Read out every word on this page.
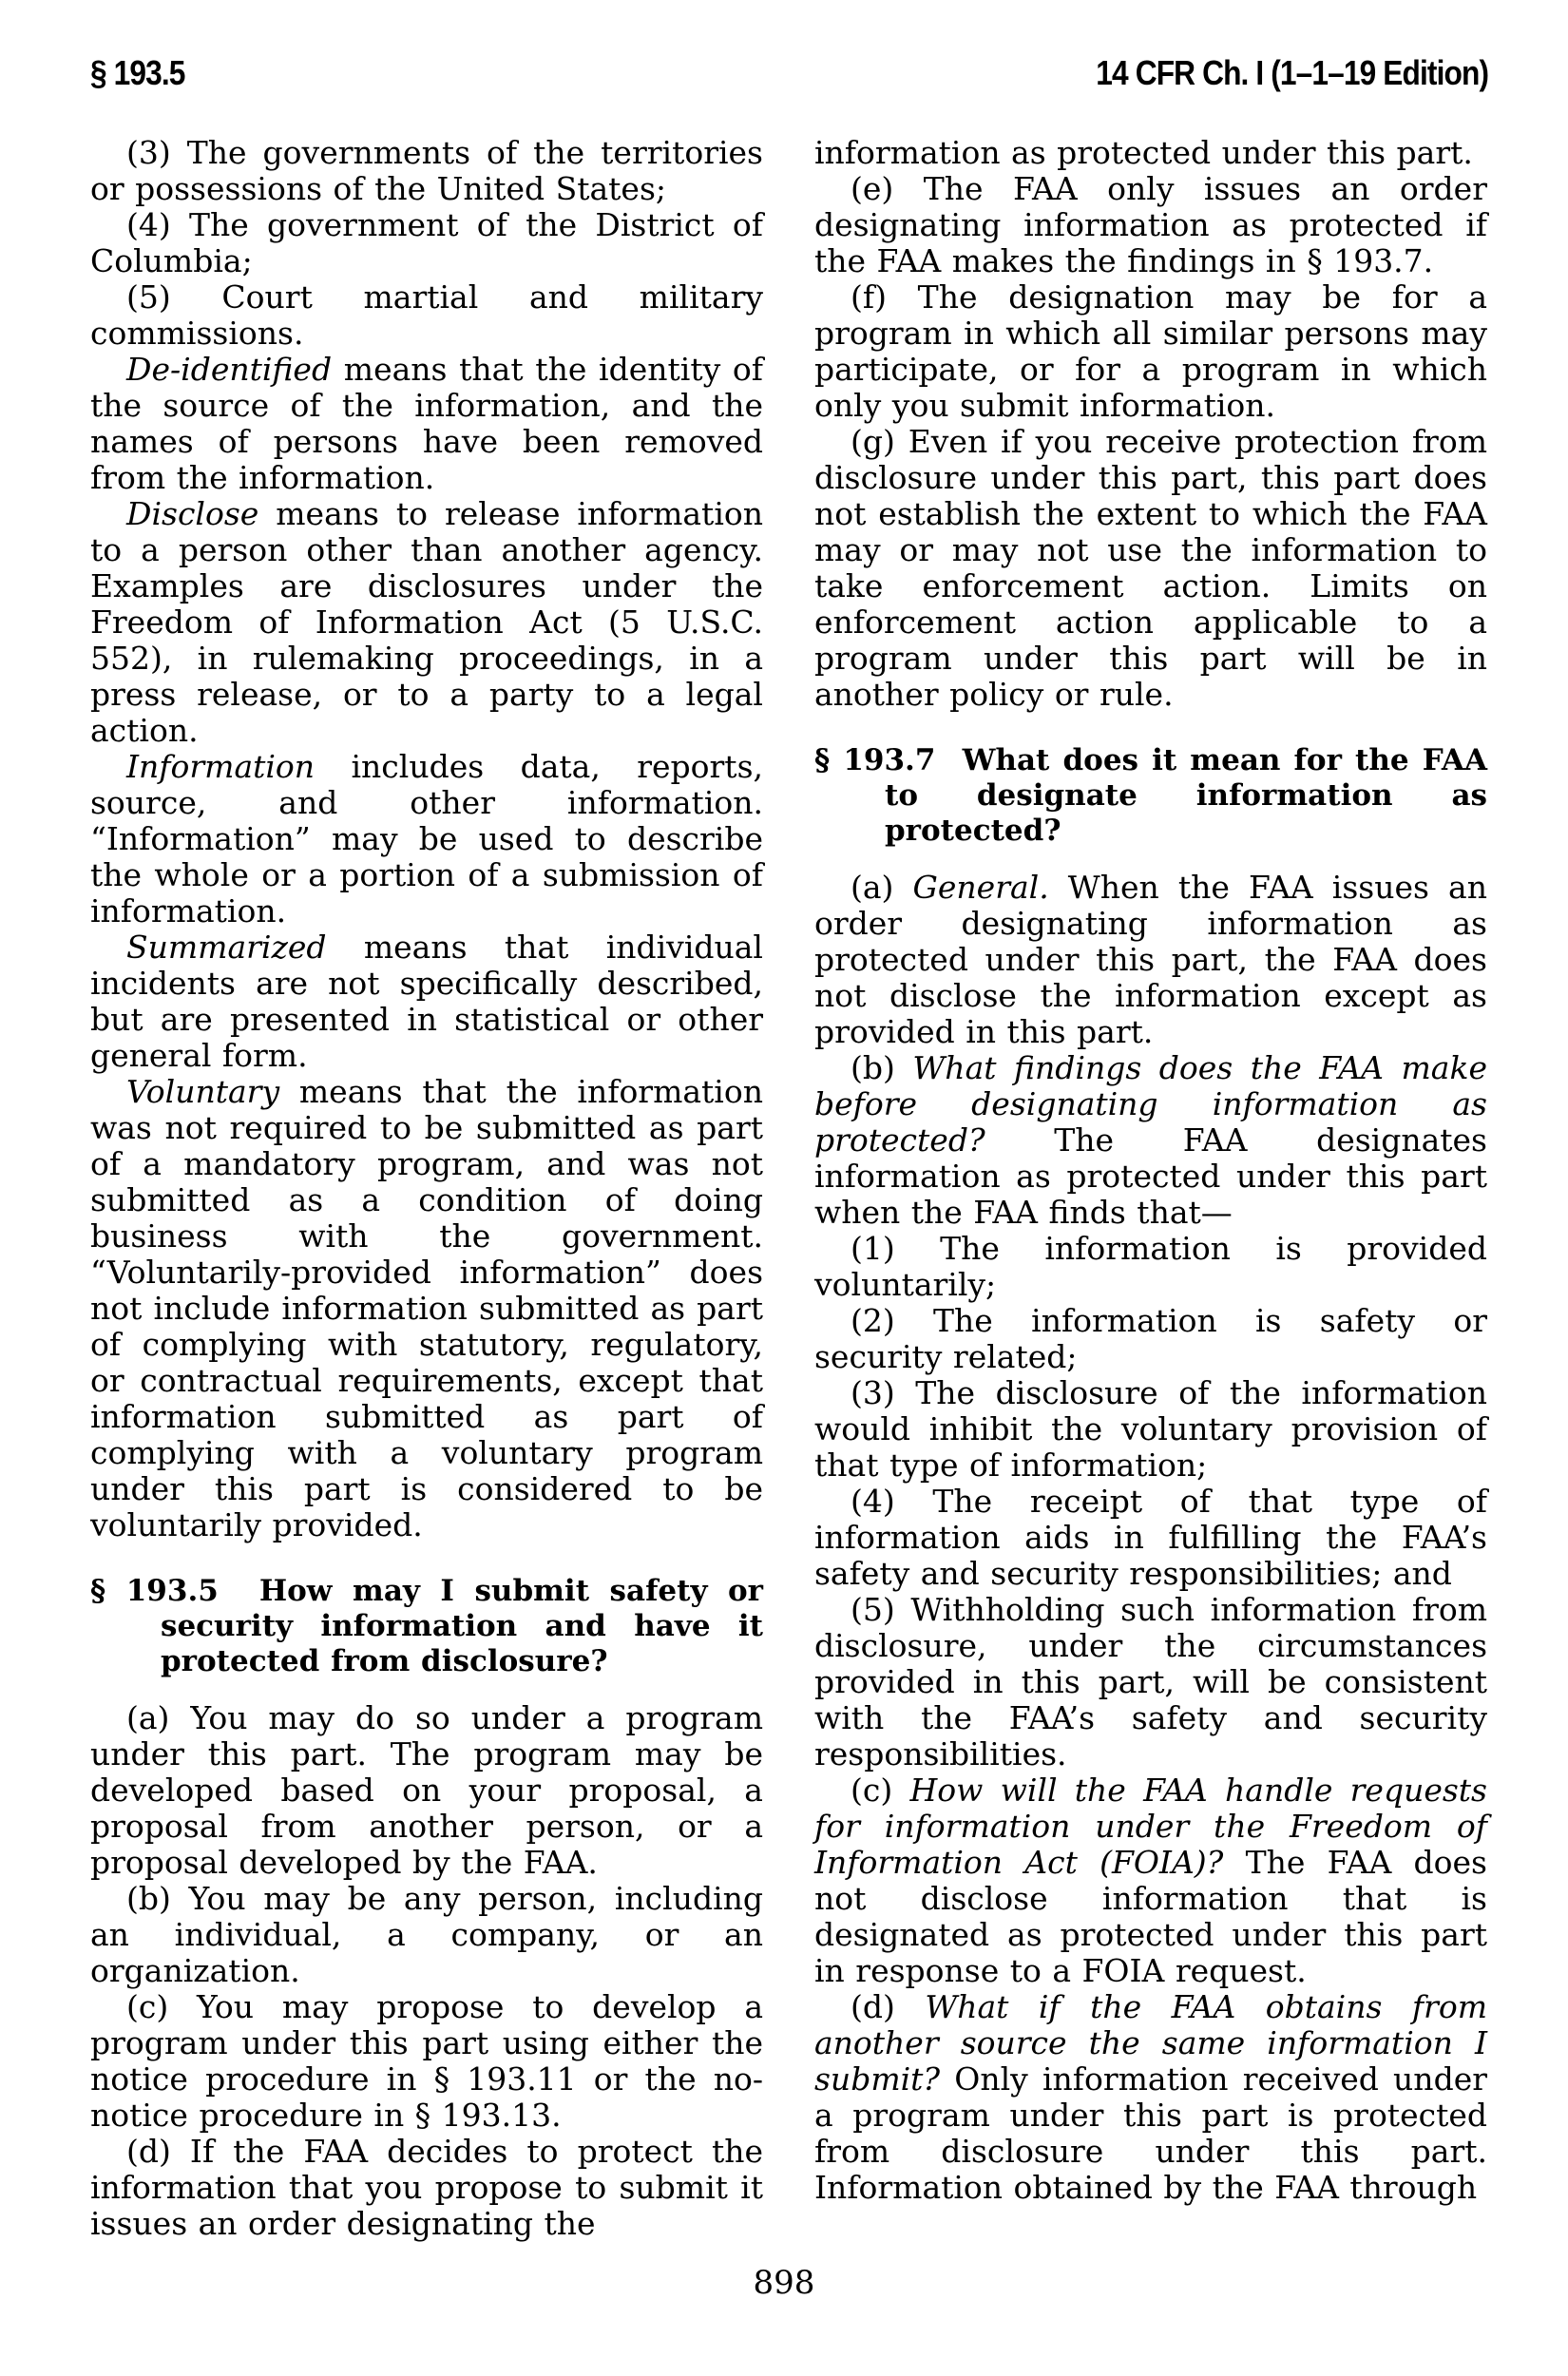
§ 193.5	14 CFR Ch. I (1–1–19 Edition)

(3) The governments of the territories or possessions of the United States;

(4) The government of the District of Columbia;

(5) Court martial and military commissions.

De-identified means that the identity of the source of the information, and the names of persons have been removed from the information.

Disclose means to release information to a person other than another agency. Examples are disclosures under the Freedom of Information Act (5 U.S.C. 552), in rulemaking proceedings, in a press release, or to a party to a legal action.

Information includes data, reports, source, and other information. “Information” may be used to describe the whole or a portion of a submission of information.

Summarized means that individual incidents are not specifically described, but are presented in statistical or other general form.

Voluntary means that the information was not required to be submitted as part of a mandatory program, and was not submitted as a condition of doing business with the government. “Voluntarily-provided information” does not include information submitted as part of complying with statutory, regulatory, or contractual requirements, except that information submitted as part of complying with a voluntary program under this part is considered to be voluntarily provided.

§ 193.5  How may I submit safety or security information and have it protected from disclosure?

(a) You may do so under a program under this part. The program may be developed based on your proposal, a proposal from another person, or a proposal developed by the FAA.

(b) You may be any person, including an individual, a company, or an organization.

(c) You may propose to develop a program under this part using either the notice procedure in § 193.11 or the no-notice procedure in § 193.13.

(d) If the FAA decides to protect the information that you propose to submit it issues an order designating the

information as protected under this part.

(e) The FAA only issues an order designating information as protected if the FAA makes the findings in § 193.7.

(f) The designation may be for a program in which all similar persons may participate, or for a program in which only you submit information.

(g) Even if you receive protection from disclosure under this part, this part does not establish the extent to which the FAA may or may not use the information to take enforcement action. Limits on enforcement action applicable to a program under this part will be in another policy or rule.

§ 193.7  What does it mean for the FAA to designate information as protected?

(a) General. When the FAA issues an order designating information as protected under this part, the FAA does not disclose the information except as provided in this part.

(b) What findings does the FAA make before designating information as protected? The FAA designates information as protected under this part when the FAA finds that—

(1) The information is provided voluntarily;

(2) The information is safety or security related;

(3) The disclosure of the information would inhibit the voluntary provision of that type of information;

(4) The receipt of that type of information aids in fulfilling the FAA’s safety and security responsibilities; and

(5) Withholding such information from disclosure, under the circumstances provided in this part, will be consistent with the FAA’s safety and security responsibilities.

(c) How will the FAA handle requests for information under the Freedom of Information Act (FOIA)? The FAA does not disclose information that is designated as protected under this part in response to a FOIA request.

(d) What if the FAA obtains from another source the same information I submit? Only information received under a program under this part is protected from disclosure under this part. Information obtained by the FAA through

898
